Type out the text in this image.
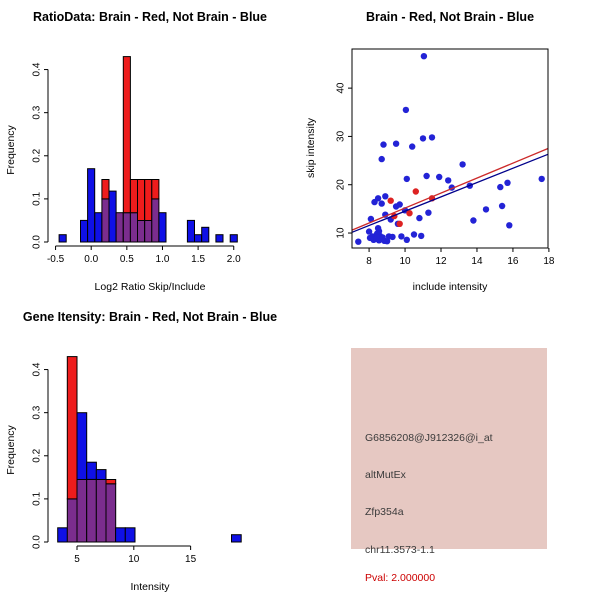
RatioData: Brain - Red, Not Brain - Blue
Log2 Ratio Skip/Include
Frequency
-0.5 0.0 0.5 1.0 1.5 2.0
0.0
0.1
0.2
0.3
0.4
Brain - Red, Not Brain - Blue
include intensity
skip intensity
8	10 12 14 16 18
10
20
30
40
Gene Itensity: Brain - Red, Not Brain - Blue
Intensity
Frequency
5	10	15
0.0
0.1
0.2
0.3
0.4
G6856208@J912326@i_at
altMutEx
Zfp354a
chr11.3573-1.1
Pval: 2.000000
